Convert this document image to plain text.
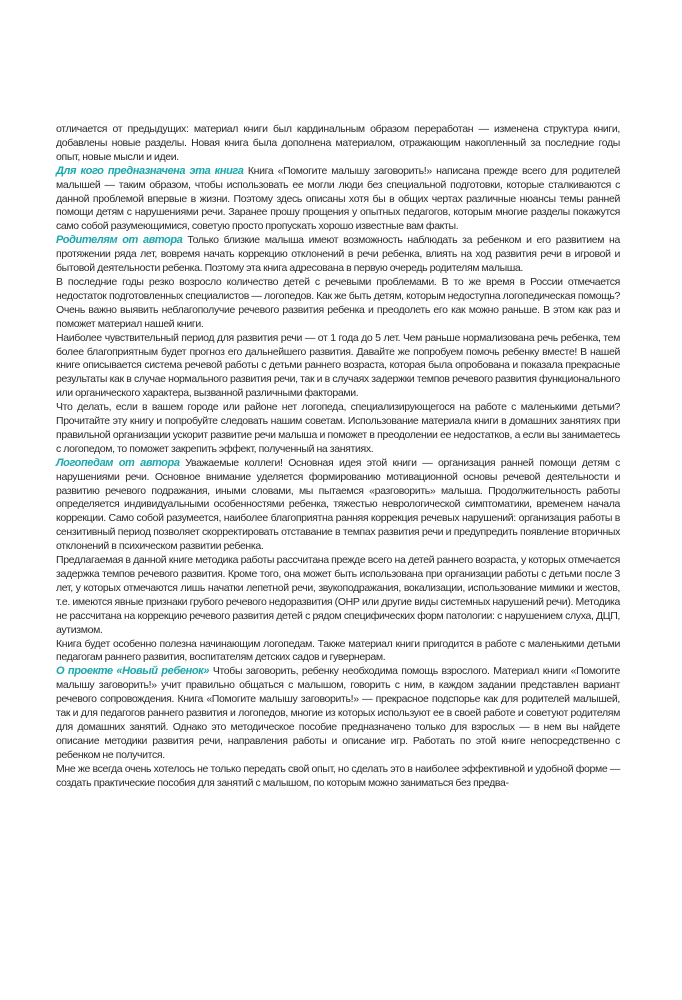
отличается от предыдущих: материал книги был кардинальным образом переработан — изменена структура книги, добавлены новые разделы. Новая книга была дополнена материалом, отражающим накопленный за последние годы опыт, новые мысли и идеи.

Для кого предназначена эта книга Книга «Помогите малышу заговорить!» написана прежде всего для родителей малышей — таким образом, чтобы использовать ее могли люди без специальной подготовки, которые сталкиваются с данной проблемой впервые в жизни. Поэтому здесь описаны хотя бы в общих чертах различные нюансы темы ранней помощи детям с нарушениями речи. Заранее прошу прощения у опытных педагогов, которым многие разделы покажутся само собой разумеющимися, советую просто пропускать хорошо известные вам факты.

Родителям от автора Только близкие малыша имеют возможность наблюдать за ребенком и его развитием на протяжении ряда лет, вовремя начать коррекцию отклонений в речи ребенка, влиять на ход развития речи в игровой и бытовой деятельности ребенка. Поэтому эта книга адресована в первую очередь родителям малыша.

В последние годы резко возросло количество детей с речевыми проблемами. В то же время в России отмечается недостаток подготовленных специалистов — логопедов. Как же быть детям, которым недоступна логопедическая помощь? Очень важно выявить неблагополучие речевого развития ребенка и преодолеть его как можно раньше. В этом как раз и поможет материал нашей книги.

Наиболее чувствительный период для развития речи — от 1 года до 5 лет. Чем раньше нормализована речь ребенка, тем более благоприятным будет прогноз его дальнейшего развития. Давайте же попробуем помочь ребенку вместе! В нашей книге описывается система речевой работы с детьми раннего возраста, которая была опробована и показала прекрасные результаты как в случае нормального развития речи, так и в случаях задержки темпов речевого развития функционального или органического характера, вызванной различными факторами.

Что делать, если в вашем городе или районе нет логопеда, специализирующегося на работе с маленькими детьми? Прочитайте эту книгу и попробуйте следовать нашим советам. Использование материала книги в домашних занятиях при правильной организации ускорит развитие речи малыша и поможет в преодолении ее недостатков, а если вы занимаетесь с логопедом, то поможет закрепить эффект, полученный на занятиях.

Логопедам от автора Уважаемые коллеги! Основная идея этой книги — организация ранней помощи детям с нарушениями речи. Основное внимание уделяется формированию мотивационной основы речевой деятельности и развитию речевого подражания, иными словами, мы пытаемся «разговорить» малыша. Продолжительность работы определяется индивидуальными особенностями ребенка, тяжестью неврологической симптоматики, временем начала коррекции. Само собой разумеется, наиболее благоприятна ранняя коррекция речевых нарушений: организация работы в сензитивный период позволяет скорректировать отставание в темпах развития речи и предупредить появление вторичных отклонений в психическом развитии ребенка.

Предлагаемая в данной книге методика работы рассчитана прежде всего на детей раннего возраста, у которых отмечается задержка темпов речевого развития. Кроме того, она может быть использована при организации работы с детьми после 3 лет, у которых отмечаются лишь начатки лепетной речи, звукоподражания, вокализации, использование мимики и жестов, т.е. имеются явные признаки грубого речевого недоразвития (ОНР или другие виды системных нарушений речи). Методика не рассчитана на коррекцию речевого развития детей с рядом специфических форм патологии: с нарушением слуха, ДЦП, аутизмом.

Книга будет особенно полезна начинающим логопедам. Также материал книги пригодится в работе с маленькими детьми педагогам раннего развития, воспитателям детских садов и гувернерам.

О проекте «Новый ребенок» Чтобы заговорить, ребенку необходима помощь взрослого. Материал книги «Помогите малышу заговорить!» учит правильно общаться с малышом, говорить с ним, в каждом задании представлен вариант речевого сопровождения. Книга «Помогите малышу заговорить!» — прекрасное подспорье как для родителей малышей, так и для педагогов раннего развития и логопедов, многие из которых используют ее в своей работе и советуют родителям для домашних занятий. Однако это методическое пособие предназначено только для взрослых — в нем вы найдете описание методики развития речи, направления работы и описание игр. Работать по этой книге непосредственно с ребенком не получится.

Мне же всегда очень хотелось не только передать свой опыт, но сделать это в наиболее эффективной и удобной форме — создать практические пособия для занятий с малышом, по которым можно заниматься без предва-
